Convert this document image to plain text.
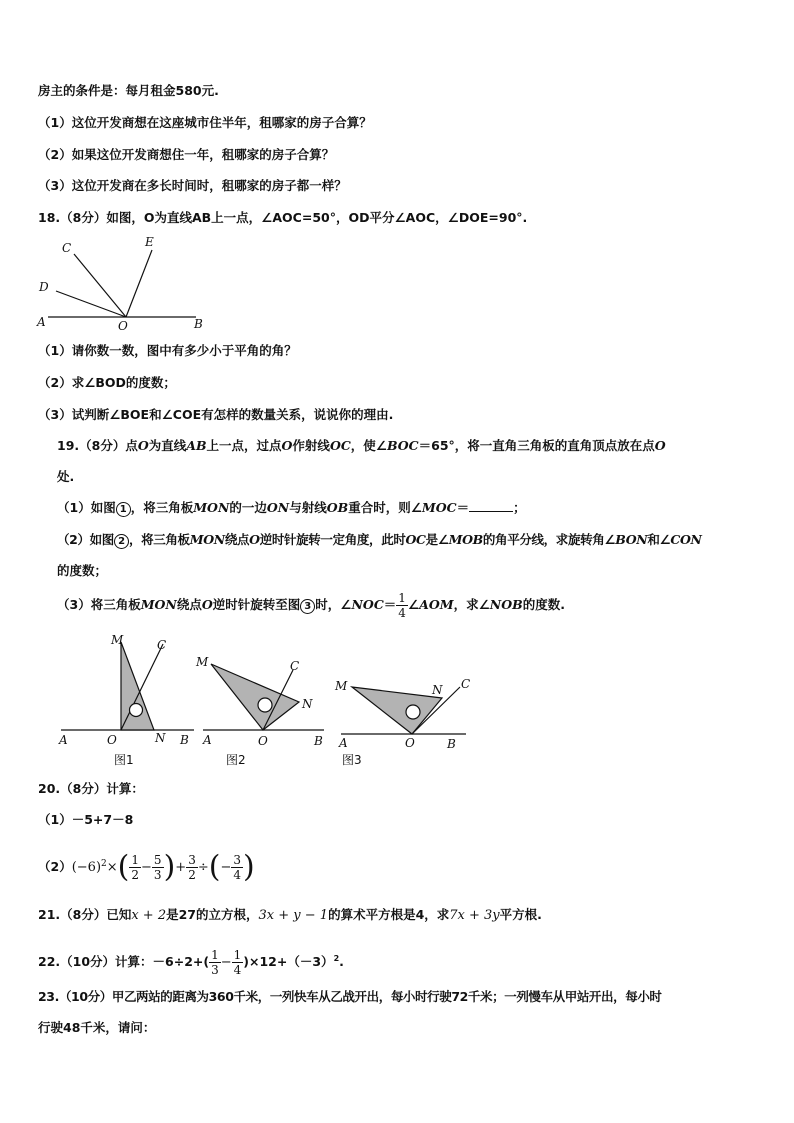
房主的条件是：每月租金580元.
（1）这位开发商想在这座城市住半年，租哪家的房子合算？
（2）如果这位开发商想住一年，租哪家的房子合算？
（3）这位开发商在多长时间时，租哪家的房子都一样？
18.（8分）如图，O为直线AB上一点，∠AOC=50°，OD平分∠AOC，∠DOE=90°.
C	E
D
A	O	B
（1）请你数一数，图中有多少小于平角的角？
（2）求∠BOD的度数；
（3）试判断∠BOE和∠COE有怎样的数量关系，说说你的理由.
19.（8分）点O为直线AB上一点，过点O作射线OC，使∠BOC＝65°，将一直角三角板的直角顶点放在点O
处.
（1）如图 1 ，将三角板MON的一边ON与射线OB重合时，则∠MOC＝	；
（2）如图 2 ，将三角板MON绕点O逆时针旋转一定角度，此时OC是∠MOB的角平分线，求旋转角∠BON和∠CON
的度数；
（3）将三角板MON绕点O逆时针旋转至图 3 时，∠NOC＝ $\frac{1}{4}$ ∠AOM，求∠NOB的度数.
M	C
A	O	N B
图1
M	C
N
A	O	B
图2
M	N C
A	O	B
图3
20.（8分）计算：
（1）－5+7－8
$(2)(-6)^2\times( \frac{1}{2} - \frac{5}{3}$ )+ $\frac{3}{2}$ ÷(− $\frac{3}{4}$ )
21.（8分）已知x + 2是27的立方根，3x + y − 1的算术平方根是4，求7x + 3y平方根.
22.（10分）计算：$-6\div 2+( \frac{1}{3} - \frac{1}{4} )\times 12+(-3)^2$.
23.（10分）甲乙两站的距离为360千米，一列快车从乙战开出，每小时行驶72千米；一列慢车从甲站开出，每小时
行驶48千米，请问：
